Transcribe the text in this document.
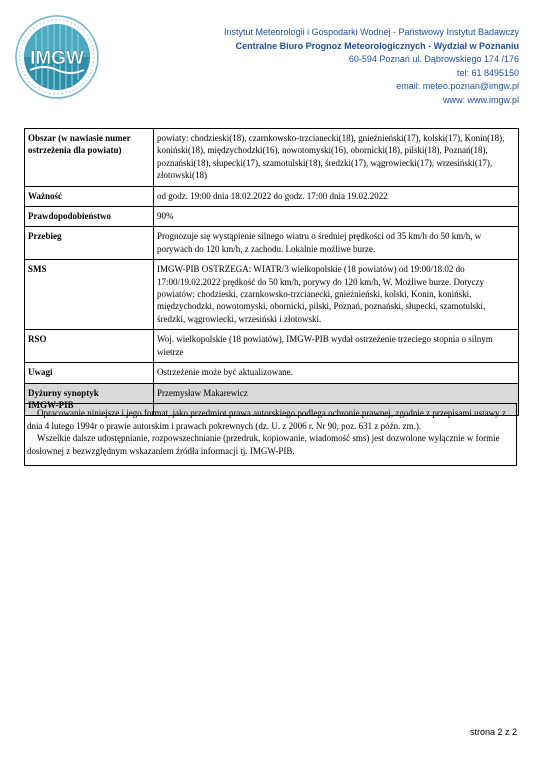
IMGW
Instytut Meteorologii i Gospodarki Wodnej - Państwowy Instytut Badawczy
Centralne Biuro Prognoz Meteorologicznych - Wydział w Poznaniu
60-594 Poznań ul. Dąbrowskiego 174 /176
tel: 61 8495150
email: meteo.poznan@imgw.pl
www: www.imgw.pl
Obszar (w nawiasie numer ostrzeżenia dla powiatu)	powiaty: chodzieski(18), czarnkowsko-trzcianecki(18), gnieźnieński(17), kolski(17), Konin(18), koniński(18), międzychodzki(16), nowotomyski(16), obornicki(18), pilski(18), Poznań(18), poznański(18), słupecki(17), szamotulski(18), średzki(17), wągrowiecki(17), wrzesiński(17), złotowski(18)
Ważność	od godz. 19:00 dnia 18.02.2022 do godz. 17:00 dnia 19.02.2022
Prawdopodobieństwo	90%
Przebieg	Prognozuje się wystąpienie silnego wiatru o średniej prędkości od 35 km/h do 50 km/h, w porywach do 120 km/h, z zachodu. Lokalnie możliwe burze.
SMS	IMGW-PIB OSTRZEGA: WIATR/3 wielkopolskie (18 powiatów) od 19:00/18.02 do 17:00/19.02.2022 prędkość do 50 km/h, porywy do 120 km/h, W. Możliwe burze. Dotyczy powiatów: chodzieski, czarnkowsko-trzcianecki, gnieźnieński, kolski, Konin, koniński, międzychodzki, nowotomyski, obornicki, pilski, Poznań, poznański, słupecki, szamotulski, średzki, wągrowiecki, wrzesiński i złotowski.
RSO	Woj. wielkopolskie (18 powiatów), IMGW-PIB wydał ostrzeżenie trzeciego stopnia o silnym wietrze
Uwagi	Ostrzeżenie może być aktualizowane.

Dyżurny synoptyk
IMGW-PIB	Przemysław Makarewicz

Opracowanie niniejsze i jego format, jako przedmiot prawa autorskiego podlega ochronie prawnej, zgodnie z przepisami ustawy z dnia 4 lutego 1994r o prawie autorskim i prawach pokrewnych (dz. U. z 2006 r. Nr 90, poz. 631 z późn. zm.).

Wszelkie dalsze udostępnianie, rozpowszechnianie (przedruk, kopiowanie, wiadomość sms) jest dozwolone wyłącznie w formie dosłownej z bezwzględnym wskazaniem źródła informacji tj. IMGW-PIB.

strona 2 z 2
